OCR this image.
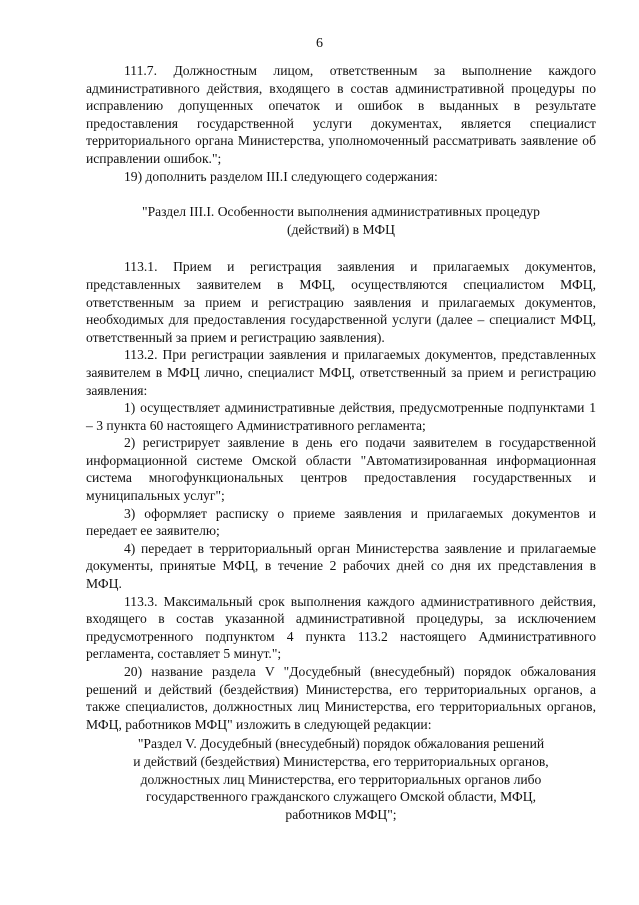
6

111.7. Должностным лицом, ответственным за выполнение каждого административного действия, входящего в состав административной процедуры по исправлению допущенных опечаток и ошибок в выданных в результате предоставления государственной услуги документах, является специалист территориального органа Министерства, уполномоченный рассматривать заявление об исправлении ошибок.";

19) дополнить разделом III.I следующего содержания:

"Раздел III.I. Особенности выполнения административных процедур
(действий) в МФЦ

113.1. Прием и регистрация заявления и прилагаемых документов, представленных заявителем в МФЦ, осуществляются специалистом МФЦ, ответственным за прием и регистрацию заявления и прилагаемых документов, необходимых для предоставления государственной услуги (далее – специалист МФЦ, ответственный за прием и регистрацию заявления).

113.2. При регистрации заявления и прилагаемых документов, представленных заявителем в МФЦ лично, специалист МФЦ, ответственный за прием и регистрацию заявления:

1) осуществляет административные действия, предусмотренные подпунктами 1 – 3 пункта 60 настоящего Административного регламента;

2) регистрирует заявление в день его подачи заявителем в государственной информационной системе Омской области "Автоматизированная информационная система многофункциональных центров предоставления государственных и муниципальных услуг";

3) оформляет расписку о приеме заявления и прилагаемых документов и передает ее заявителю;

4) передает в территориальный орган Министерства заявление и прилагаемые документы, принятые МФЦ, в течение 2 рабочих дней со дня их представления в МФЦ.

113.3. Максимальный срок выполнения каждого административного действия, входящего в состав указанной административной процедуры, за исключением предусмотренного подпунктом 4 пункта 113.2 настоящего Административного регламента, составляет 5 минут.";

20) название раздела V "Досудебный (внесудебный) порядок обжалования решений и действий (бездействия) Министерства, его территориальных органов, а также специалистов, должностных лиц Министерства, его территориальных органов, МФЦ, работников МФЦ" изложить в следующей редакции:

"Раздел V. Досудебный (внесудебный) порядок обжалования решений
и действий (бездействия) Министерства, его территориальных органов,
должностных лиц Министерства, его территориальных органов либо
государственного гражданского служащего Омской области, МФЦ,
работников МФЦ";
